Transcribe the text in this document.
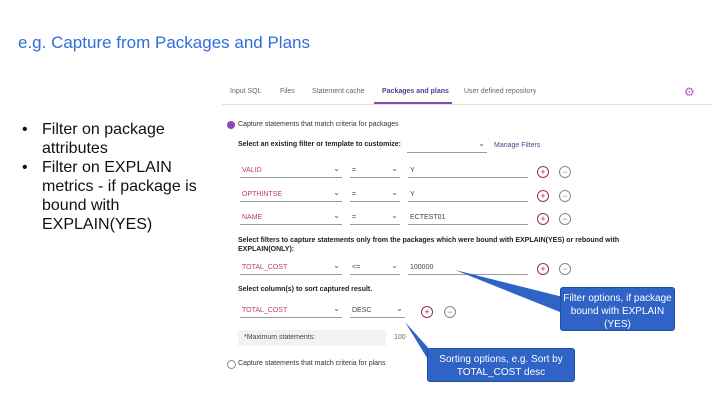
e.g. Capture from Packages and Plans
• Filter on package attributes
• Filter on EXPLAIN metrics - if package is bound with EXPLAIN(YES)
Input SQL	Files Statement cache Packages and plans User defined repository	⚙
Capture statements that match criteria for packages
Select an existing filter or template to customize:	⌄ Manage Filters
VALID	⌄ =	⌄ Y	+	−
OPTHINTSE	⌄ =	⌄ Y	+	−
NAME	⌄ =	⌄ ECTEST01	+	−
Select filters to capture statements only from the packages which were bound with EXPLAIN(YES) or rebound with EXPLAIN(ONLY):
TOTAL_COST	⌄ <=	⌄ 100000	+	−
Select column(s) to sort captured result.
TOTAL_COST	⌄ DESC	⌄	+	−
*Maximum statements:	100
Capture statements that match criteria for plans
Filter options, if package bound with EXPLAIN (YES)
Sorting options, e.g. Sort by TOTAL_COST desc
